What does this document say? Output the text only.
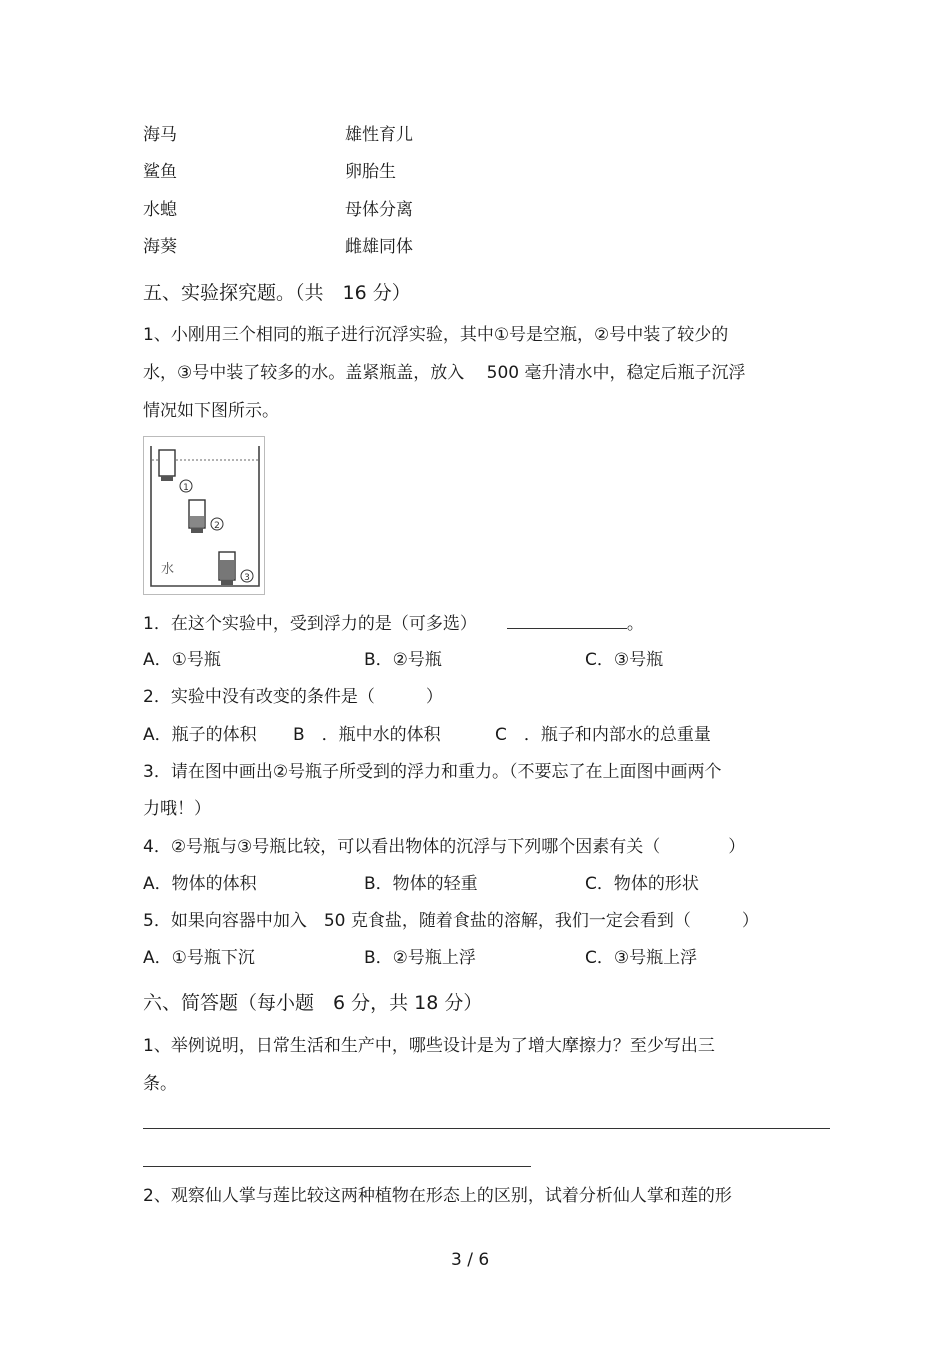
海马	雄性育儿
鲨鱼	卵胎生
水螅	母体分离
海葵	雌雄同体
五、实验探究题。（共　16 分）
1、小刚用三个相同的瓶子进行沉浮实验，其中①号是空瓶，②号中装了较少的
水，③号中装了较多的水。盖紧瓶盖，放入　 500 毫升清水中，稳定后瓶子沉浮
情况如下图所示。
1
2
3
水
1．在这个实验中，受到浮力的是（可多选）	。
A．①号瓶	B．②号瓶	C．③号瓶
2．实验中没有改变的条件是（　　　）
A．瓶子的体积 B　．瓶中水的体积	C　．瓶子和内部水的总重量
3．请在图中画出②号瓶子所受到的浮力和重力。（不要忘了在上面图中画两个
力哦！）
4．②号瓶与③号瓶比较，可以看出物体的沉浮与下列哪个因素有关（　　　　）
A．物体的体积	B．物体的轻重	C．物体的形状
5．如果向容器中加入　50 克食盐，随着食盐的溶解，我们一定会看到（　　　）
A．①号瓶下沉	B．②号瓶上浮	C．③号瓶上浮
六、简答题（每小题　6 分，共 18 分）
1、举例说明，日常生活和生产中，哪些设计是为了增大摩擦力？至少写出三
条。
2、观察仙人掌与莲比较这两种植物在形态上的区别，试着分析仙人掌和莲的形
3 / 6
